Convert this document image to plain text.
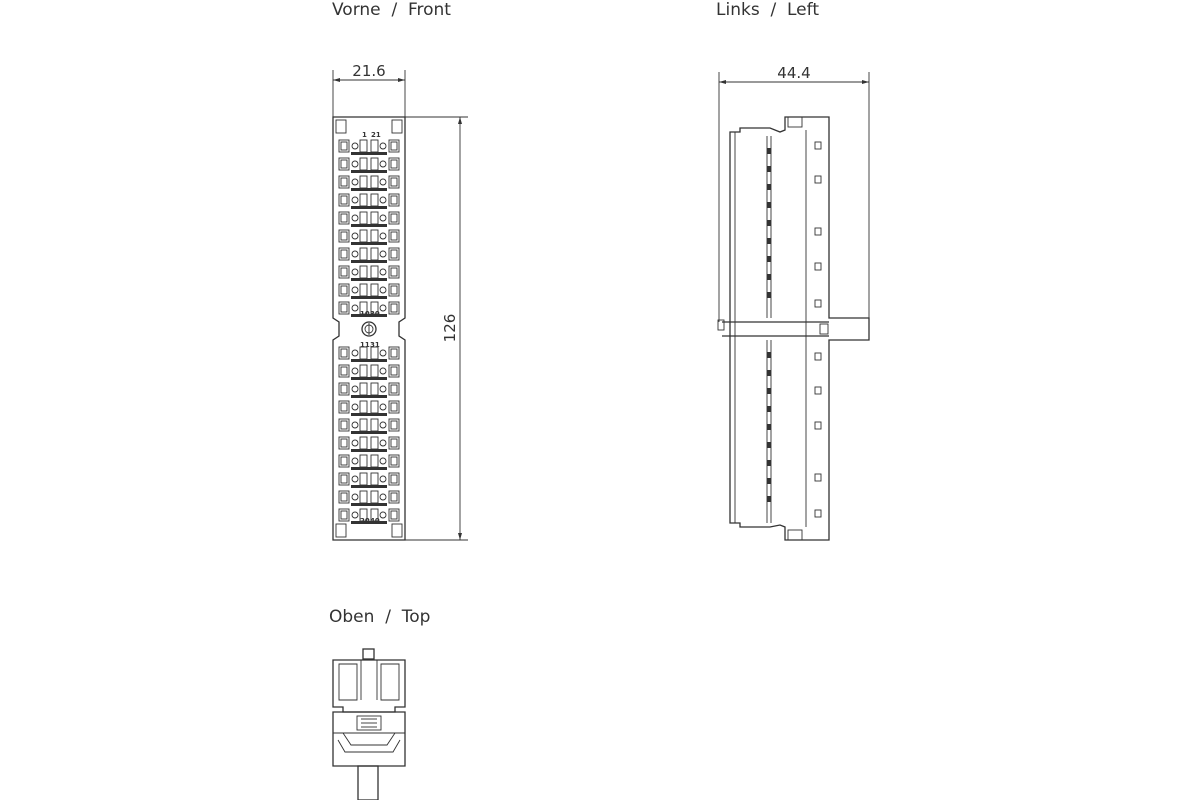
Vorne  /  Front	Links  /  Left
Oben  /  Top
21.6
126
1 21
10 30
11 31
20 40
44.4
